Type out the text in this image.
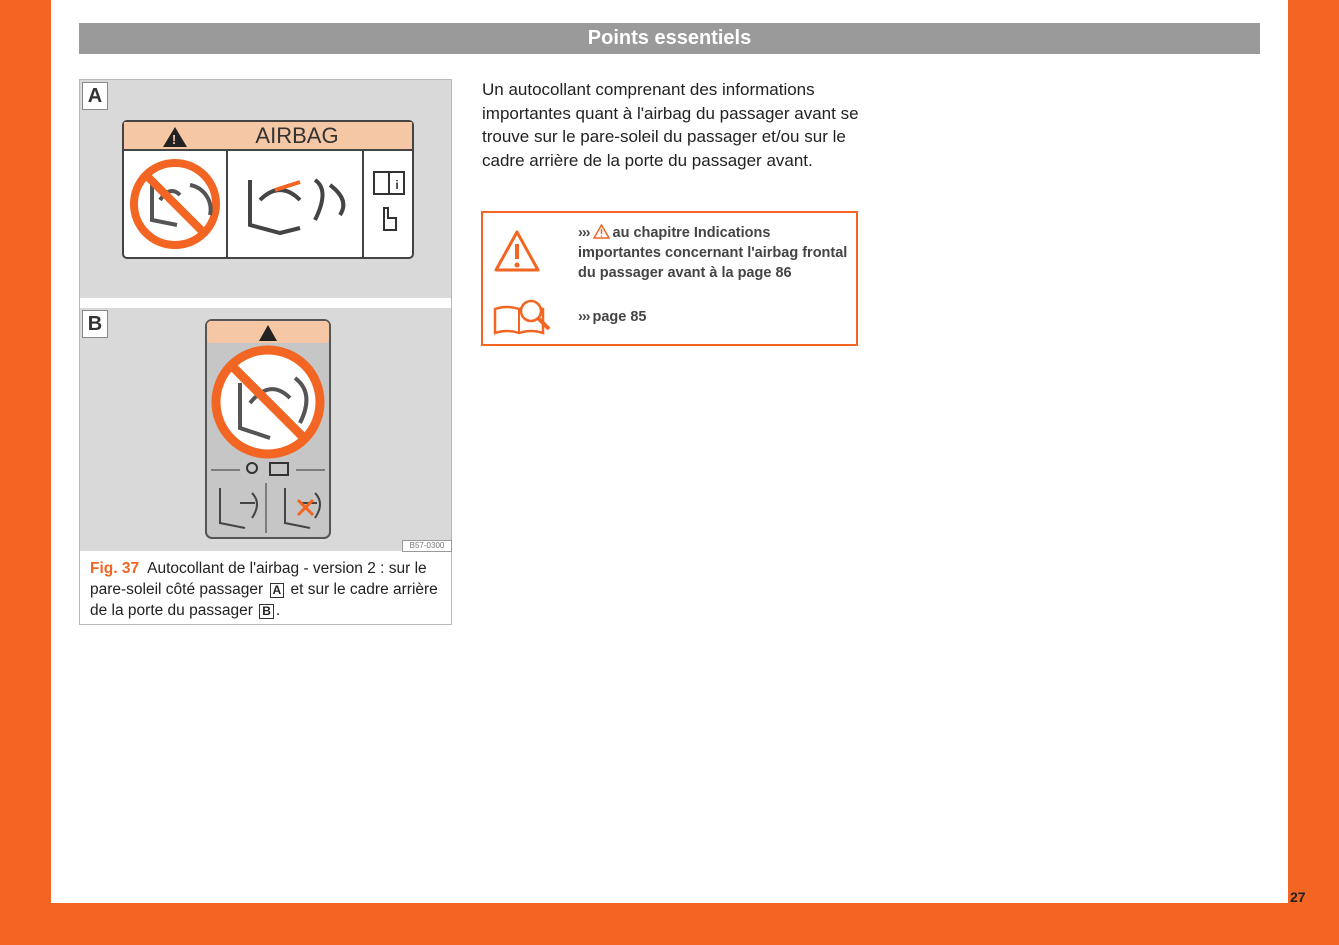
Points essentiels
A
!	AIRBAG
i
B
B57-0300
Fig. 37 Autocollant de l'airbag - version 2 : sur le pare-soleil côté passager A et sur le cadre arrière de la porte du passager B .
Un autocollant comprenant des informations importantes quant à l'airbag du passager avant se trouve sur le pare-soleil du passager et/ou sur le cadre arrière de la porte du passager avant.
››› au chapitre Indications importantes concernant l'airbag frontal du passager avant à la page 86
››› page 85
27
